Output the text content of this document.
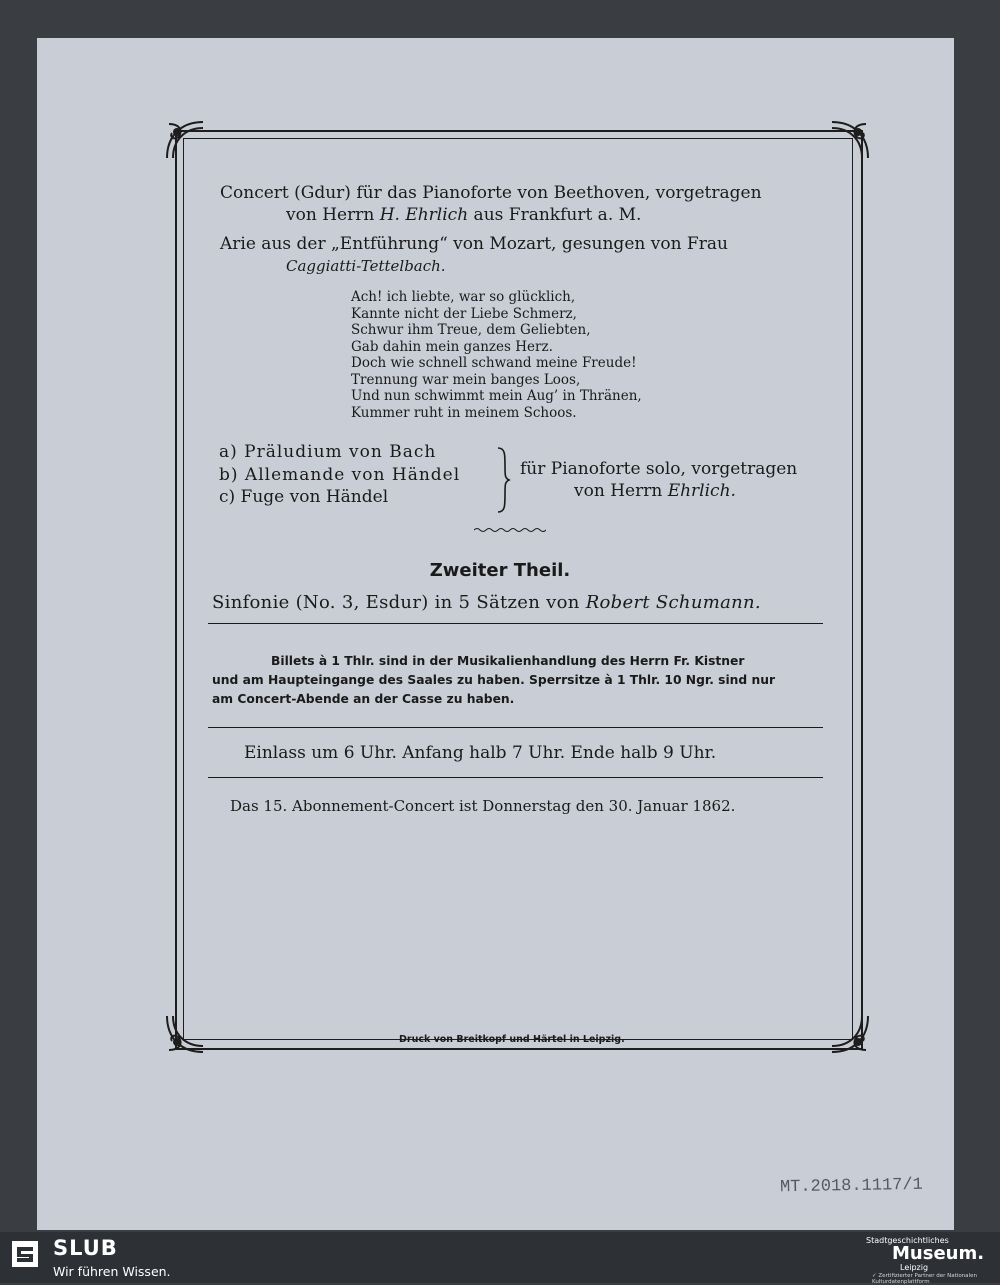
Concert (Gdur) für das Pianoforte von Beethoven, vorgetragen
von Herrn H. Ehrlich aus Frankfurt a. M.
Arie aus der „Entführung“ von Mozart, gesungen von Frau
Caggiatti-Tettelbach.
Ach! ich liebte, war so glücklich,
Kannte nicht der Liebe Schmerz,
Schwur ihm Treue, dem Geliebten,
Gab dahin mein ganzes Herz.
Doch wie schnell schwand meine Freude!
Trennung war mein banges Loos,
Und nun schwimmt mein Aug’ in Thränen,
Kummer ruht in meinem Schoos.
a) Präludium von Bach
b) Allemande von Händel
c) Fuge von Händel
für Pianoforte solo, vorgetragen
von Herrn Ehrlich.
Zweiter Theil.
Sinfonie (No. 3, Esdur) in 5 Sätzen von Robert Schumann.
Billets à 1 Thlr. sind in der Musikalienhandlung des Herrn Fr. Kistner
und am Haupteingange des Saales zu haben. Sperrsitze à 1 Thlr. 10 Ngr. sind nur
am Concert-Abende an der Casse zu haben.
Einlass um 6 Uhr. Anfang halb 7 Uhr. Ende halb 9 Uhr.
Das 15. Abonnement-Concert ist Donnerstag den 30. Januar 1862.
Druck von Breitkopf und Härtel in Leipzig.
MT.2018.1117/1
SLUB
Wir führen Wissen.
Stadtgeschichtliches
Museum.
Leipzig
✓ Zertifizierter Partner der Nationalen Kulturdatenplattform
